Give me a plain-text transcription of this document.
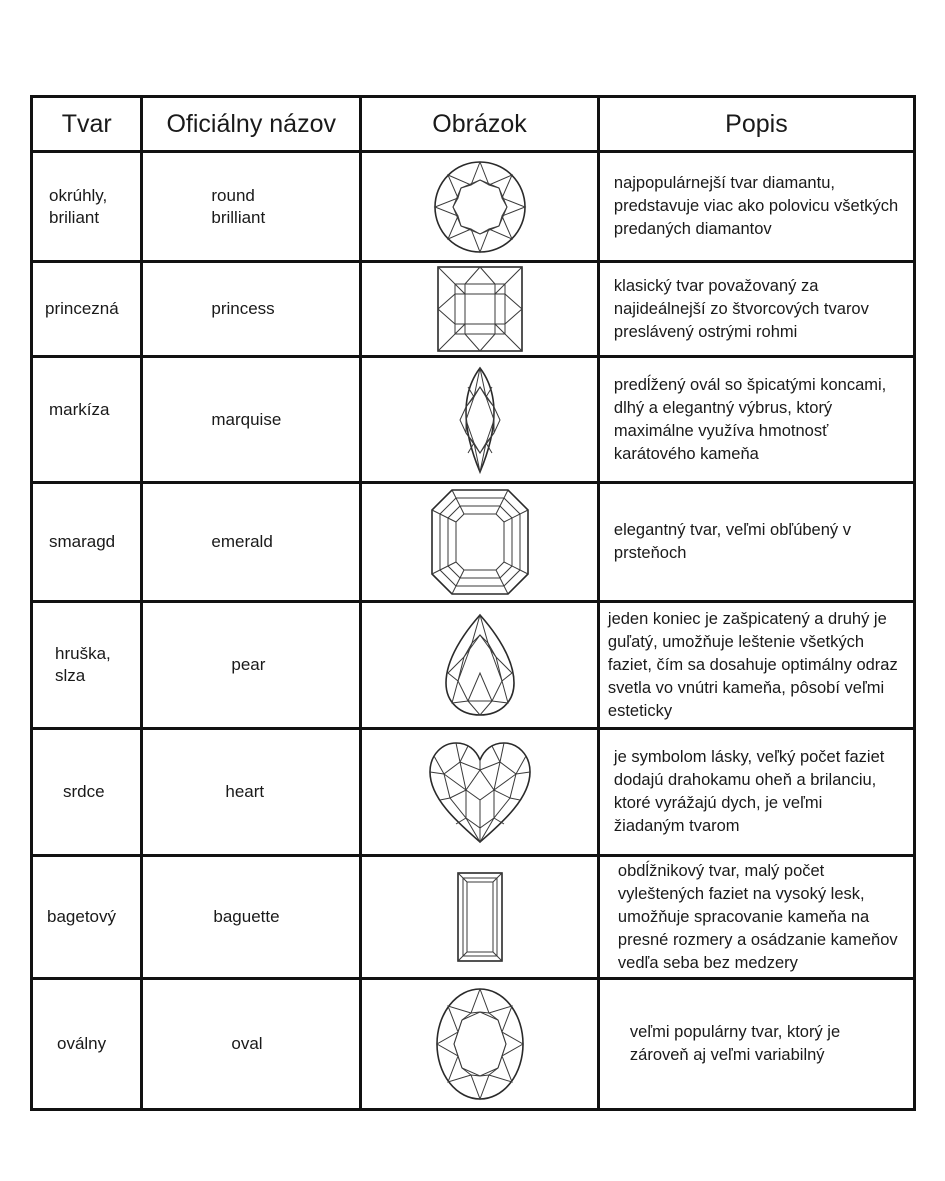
Tvar	Oficiálny názov	Obrázok	Popis

okrúhly, briliant	round brilliant		najpopulárnejší tvar diamantu, predstavuje viac ako polovicu všetkých predaných diamantov

princezná	princess		klasický tvar považovaný za najideálnejší zo štvorcových tvarov preslávený ostrými rohmi

markíza	marquise		predĺžený ovál so špicatými koncami, dlhý a elegantný výbrus, ktorý maximálne využíva hmotnosť karátového kameňa

smaragd	emerald		elegantný tvar, veľmi obľúbený v prsteňoch

hruška, slza	pear		jeden koniec je zašpicatený a druhý je guľatý, umožňuje leštenie všetkých faziet, čím sa dosahuje optimálny odraz svetla vo vnútri kameňa, pôsobí veľmi esteticky

srdce	heart		je symbolom lásky, veľký počet faziet dodajú drahokamu oheň a brilanciu, ktoré vyrážajú dych, je veľmi žiadaným tvarom

bagetový	baguette		obdĺžnikový tvar, malý počet vyleštených faziet na vysoký lesk, umožňuje spracovanie kameňa na presné rozmery a osádzanie kameňov vedľa seba bez medzery

oválny	oval		veľmi populárny tvar, ktorý je zároveň aj veľmi variabilný
